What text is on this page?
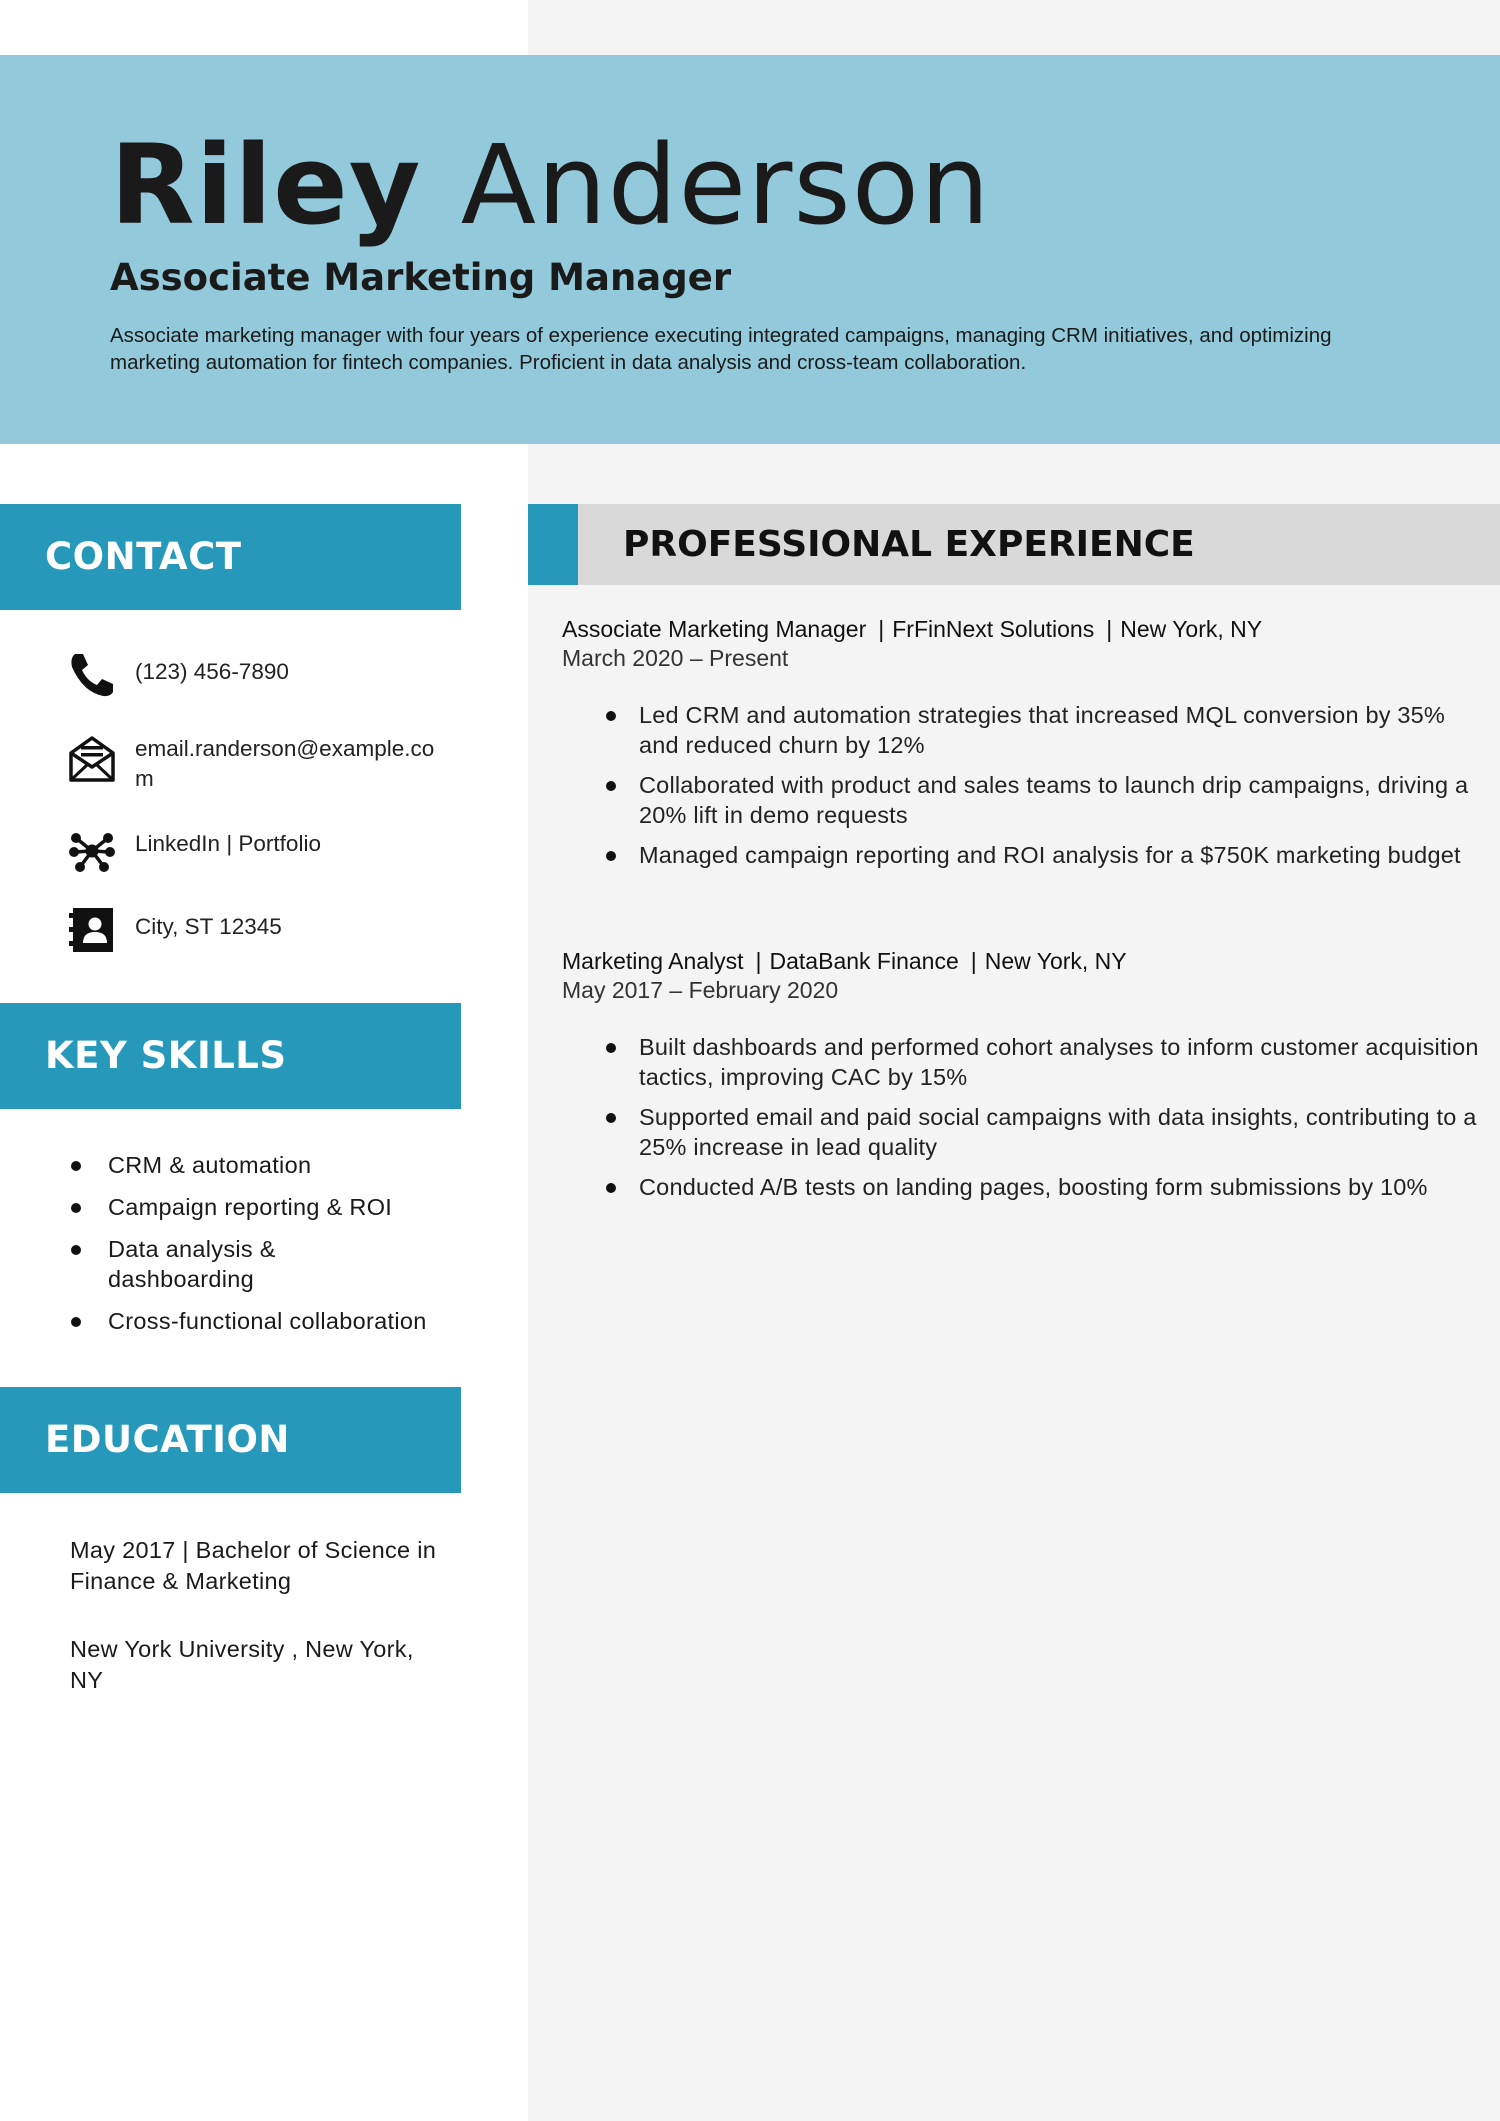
Riley Anderson

Associate Marketing Manager

Associate marketing manager with four years of experience executing integrated campaigns, managing CRM initiatives, and optimizing marketing automation for fintech companies. Proficient in data analysis and cross-team collaboration.

CONTACT
(123) 456-7890
email.randerson@example.com
LinkedIn | Portfolio
City, ST 12345
KEY SKILLS
CRM & automation
Campaign reporting & ROI
Data analysis & dashboarding
Cross-functional collaboration
EDUCATION

May 2017 | Bachelor of Science in Finance & Marketing

New York University , New York, NY

PROFESSIONAL EXPERIENCE

Associate Marketing Manager | FrFinNext Solutions | New York, NY

March 2020 – Present

Led CRM and automation strategies that increased MQL conversion by 35% and reduced churn by 12%
Collaborated with product and sales teams to launch drip campaigns, driving a 20% lift in demo requests
Managed campaign reporting and ROI analysis for a $750K marketing budget

Marketing Analyst | DataBank Finance | New York, NY

May 2017 – February 2020

Built dashboards and performed cohort analyses to inform customer acquisition tactics, improving CAC by 15%
Supported email and paid social campaigns with data insights, contributing to a 25% increase in lead quality
Conducted A/B tests on landing pages, boosting form submissions by 10%
